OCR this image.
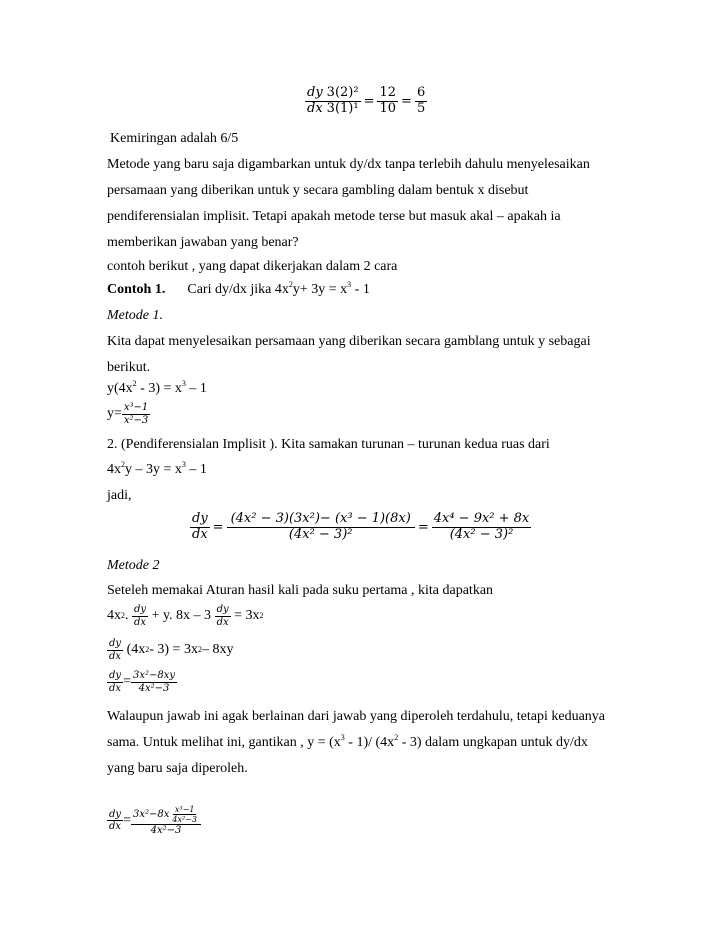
$\frac{dy}{dx} \frac{\text{3(2)²}}{\text{3(1)¹}} = \frac{12}{10} = \frac{6}{5}$
Kemiringan adalah 6/5
Metode yang baru saja digambarkan untuk dy/dx tanpa terlebih dahulu menyelesaikan
persamaan yang diberikan untuk y secara gambling dalam bentuk x disebut
pendiferensialan implisit. Tetapi apakah metode terse but masuk akal – apakah ia
memberikan jawaban yang benar?
contoh berikut , yang dapat dikerjakan dalam 2 cara
Contoh 1. Cari dy/dx jika $4x^2y+ 3y = x^3 - 1$
Metode 1.
Kita dapat menyelesaikan persamaan yang diberikan secara gamblang untuk y sebagai
berikut.
$y(4x^2 - 3) = x^3 - 1$
$y= \frac{\text{x³−1}}{\text{x²−3}}$
2. (Pendiferensialan Implisit ). Kita samakan turunan – turunan kedua ruas dari
$4x^2y - 3y = x^3 - 1$
jadi,
$\frac{dy}{dx} = \frac{\text{(4x² − 3)(3x²)− (x³ − 1)(8x)}}{\text{(4x² − 3)²}} = \frac{\text{4x⁴ − 9x² + 8x}}{\text{(4x² − 3)²}}$
Metode 2
Seteleh memakai Aturan hasil kali pada suku pertama , kita dapatkan
4x 2 .
$\frac{dy}{dx}$
+ y. 8x – 3
$\frac{dy}{dx}$
= 3x 2
$\frac{dy}{dx}$
(4x 2 - 3) = 3x 2 – 8xy
$\frac{dy}{dx} = \frac{\text{3x²−8xy}}{\text{4x²−3}}$
Walaupun jawab ini agak berlainan dari jawab yang diperoleh terdahulu, tetapi keduanya
sama. Untuk melihat ini, gantikan , $y = (x^3 - 1)/$ $(4x^2 - 3)$ dalam ungkapan untuk dy/dx
yang baru saja diperoleh.
$\frac{dy}{dx} = \frac{3x^2-8x \frac{\text{x³−1}}{\text{4x²−3}}}{\text{4x²−3}}$
